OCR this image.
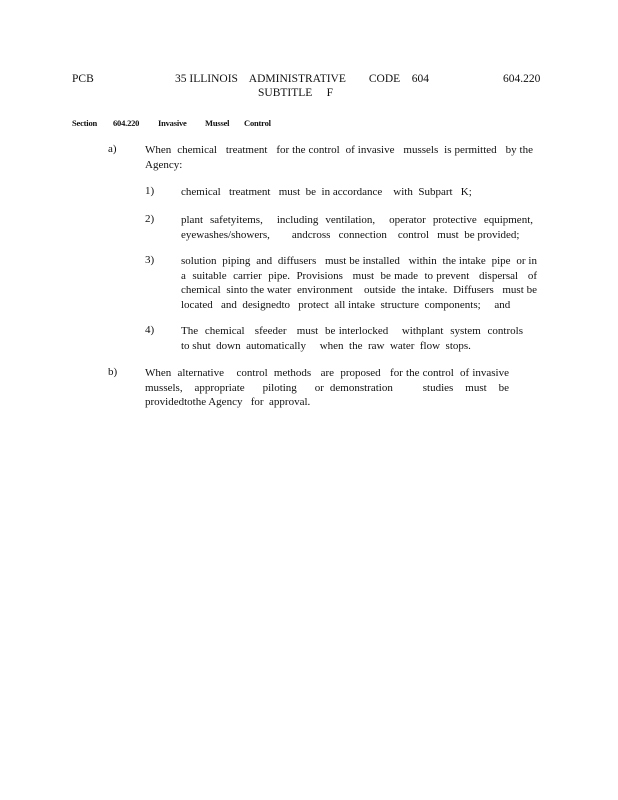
PCB	35 ILLINOIS    ADMINISTRATIVE        CODE    604
SUBTITLE     F
604.220
Section 604.220 Invasive Mussel Control
a)	When  chemical   treatment   for the control  of invasive   mussels  is permitted   by the Agency:
1) chemical   treatment   must  be  in accordance    with  Subpart   K;
2) plant  safetyitems,    including  ventilation,    operator  protective  equipment, eyewashes/showers,        andcross   connection    control   must  be provided;
3) solution  piping  and  diffusers   must be installed   within  the intake  pipe  or in a  suitable  carrier  pipe.  Provisions   must  be made  to prevent   dispersal   of chemical  sinto the water  environment    outside  the intake.  Diffusers   must be  located   and  designedto   protect  all intake  structure  components;     and
4) The  chemical   sfeeder   must  be interlocked    withplant  system  controls   to shut  down  automatically     when  the  raw  water  flow  stops.
b)	When  alternative    control  methods   are  proposed   for the control  of invasive mussels,  appropriate   piloting   or demonstration     studies  must  be providedtothe Agency   for  approval.
